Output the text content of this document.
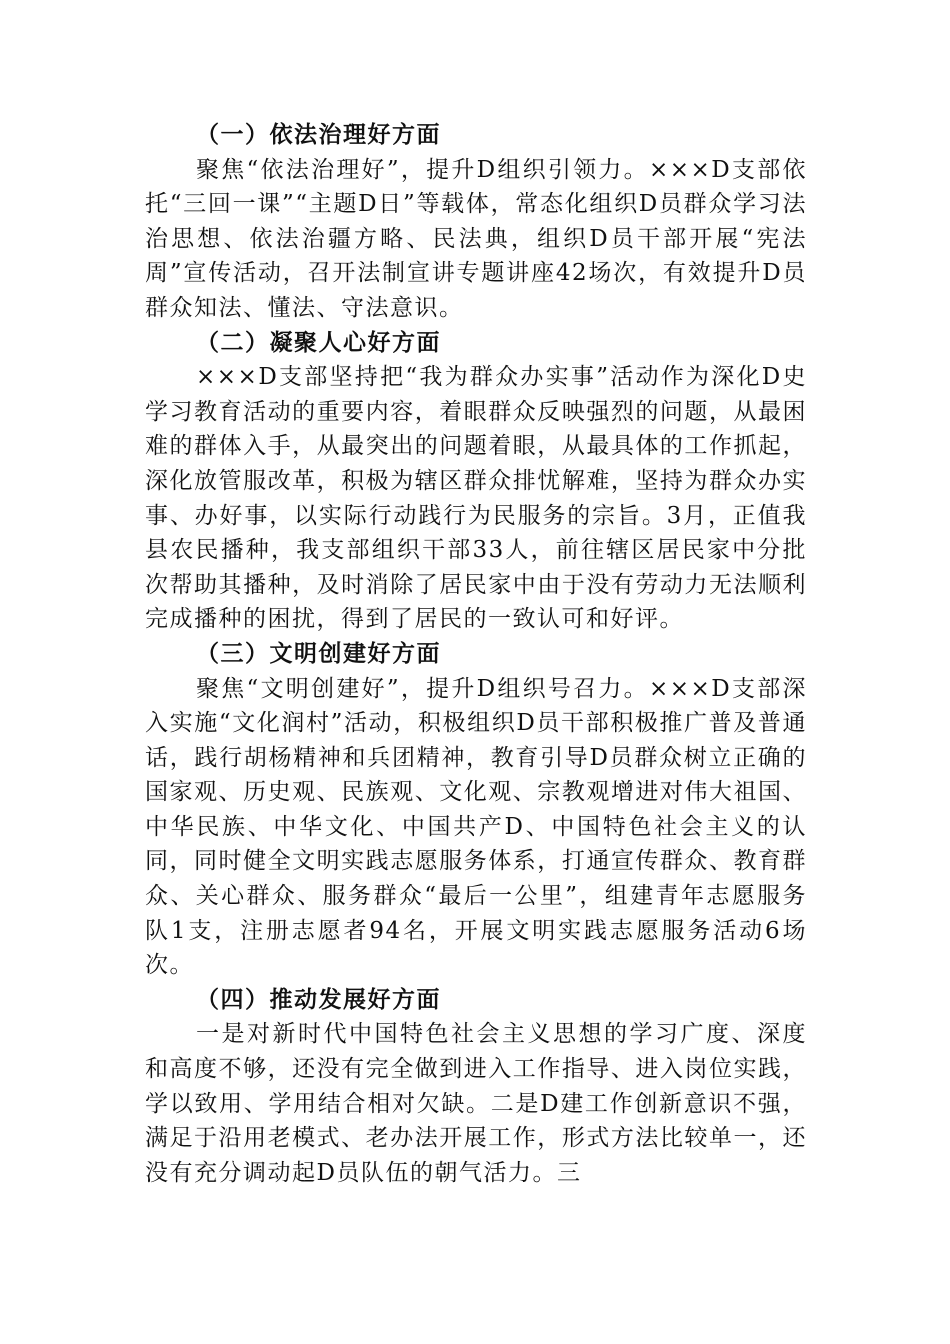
（一）依法治理好方面

聚焦“依法治理好”，提升D组织引领力。×××D支部依托“三回一课”“主题D日”等载体，常态化组织D员群众学习法治思想、依法治疆方略、民法典，组织D员干部开展“宪法周”宣传活动，召开法制宣讲专题讲座42场次，有效提升D员群众知法、懂法、守法意识。

（二）凝聚人心好方面

×××D支部坚持把“我为群众办实事”活动作为深化D史学习教育活动的重要内容，着眼群众反映强烈的问题，从最困难的群体入手，从最突出的问题着眼，从最具体的工作抓起，深化放管服改革，积极为辖区群众排忧解难，坚持为群众办实事、办好事，以实际行动践行为民服务的宗旨。3月，正值我县农民播种，我支部组织干部33人，前往辖区居民家中分批次帮助其播种，及时消除了居民家中由于没有劳动力无法顺利完成播种的困扰，得到了居民的一致认可和好评。

（三）文明创建好方面

聚焦“文明创建好”，提升D组织号召力。×××D支部深入实施“文化润村”活动，积极组织D员干部积极推广普及普通话，践行胡杨精神和兵团精神，教育引导D员群众树立正确的国家观、历史观、民族观、文化观、宗教观增进对伟大祖国、中华民族、中华文化、中国共产D、中国特色社会主义的认同，同时健全文明实践志愿服务体系，打通宣传群众、教育群众、关心群众、服务群众“最后一公里”，组建青年志愿服务队1支，注册志愿者94名，开展文明实践志愿服务活动6场次。

（四）推动发展好方面

一是对新时代中国特色社会主义思想的学习广度、深度和高度不够，还没有完全做到进入工作指导、进入岗位实践，学以致用、学用结合相对欠缺。二是D建工作创新意识不强，满足于沿用老模式、老办法开展工作，形式方法比较单一，还没有充分调动起D员队伍的朝气活力。三
